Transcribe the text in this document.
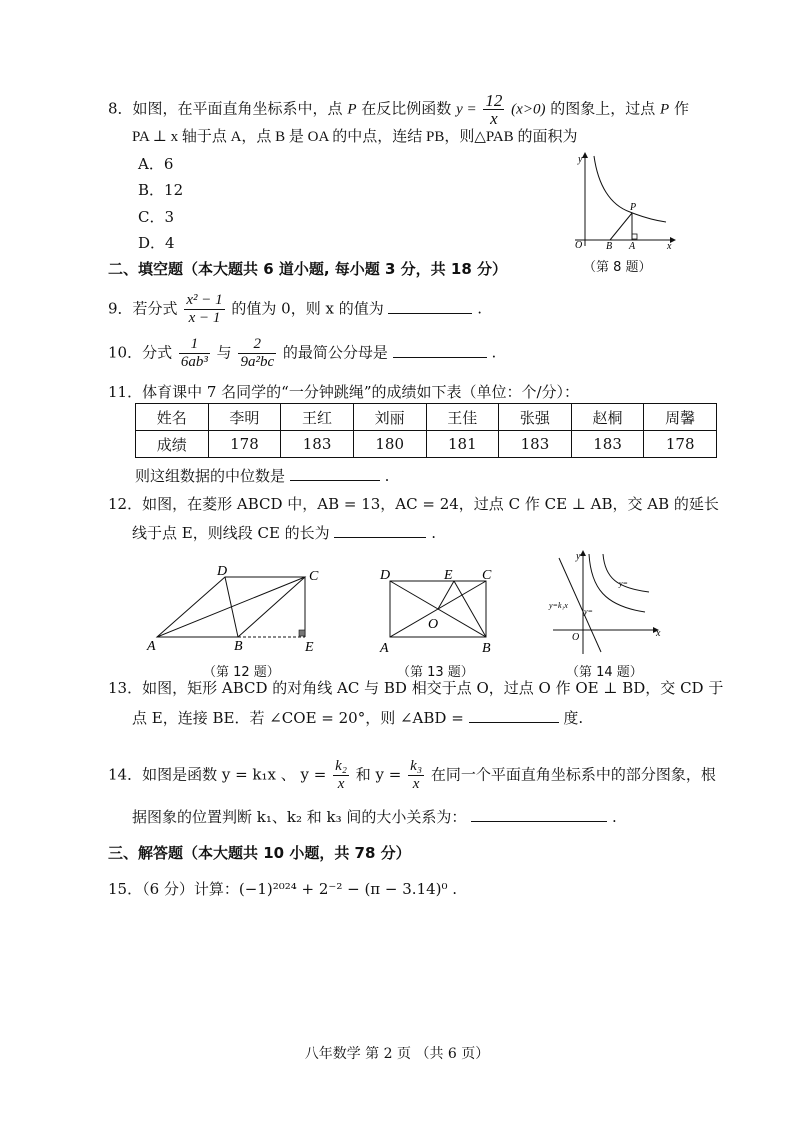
8．如图，在平面直角坐标系中，点 P 在反比例函数 $y = \frac{12}{x} (x>0)$ 的图象上，过点 P 作
PA ⊥ x 轴于点 A，点 B 是 OA 的中点，连结 PB，则△PAB 的面积为
A．6
B．12
C．3
D．4
y
O B A
P
x
（第 8 题）
二、填空题（本大题共 6 道小题, 每小题 3 分，共 18 分）
9．若分式 $\frac{\text{x² − 1}}{x - 1}$ 的值为 0，则 x 的值为	.
10．分式 $\frac{1}{\text{6ab³}}$ 与 $\frac{2}{\text{9a²bc}}$ 的最简公分母是	.
11．体育课中 7 名同学的“一分钟跳绳”的成绩如下表（单位：个/分）：
姓名	李明	王红	刘丽	王佳	张强	赵桐	周馨
成绩	178	183	180	181	183	183	178
则这组数据的中位数是	.
12．如图，在菱形 ABCD 中，AB = 13，AC = 24，过点 C 作 CE ⊥ AB，交 AB 的延长
线于点 E，则线段 CE 的长为	.
A	B
C
D
E
（第 12 题）
D	E C
O
A	B
（第 13 题）
y
x
O
y=k₁x
y=
y=
（第 14 题）
13．如图，矩形 ABCD 的对角线 AC 与 BD 相交于点 O，过点 O 作 OE ⊥ BD，交 CD 于
点 E，连接 BE．若 ∠COE = 20°，则 ∠ABD =	度.
14．如图是函数 y = k₁x 、 $y = \frac{\text{k₂}}{x}$ 和 $y = \frac{\text{k₃}}{x}$ 在同一个平面直角坐标系中的部分图象，根
据图象的位置判断 k₁、k₂ 和 k₃ 间的大小关系为：	.
三、解答题（本大题共 10 小题，共 78 分）
15．（6 分）计算：(−1)²⁰²⁴ + 2⁻² − (π − 3.14)⁰ .
八年数学 第 2 页 （共 6 页）
